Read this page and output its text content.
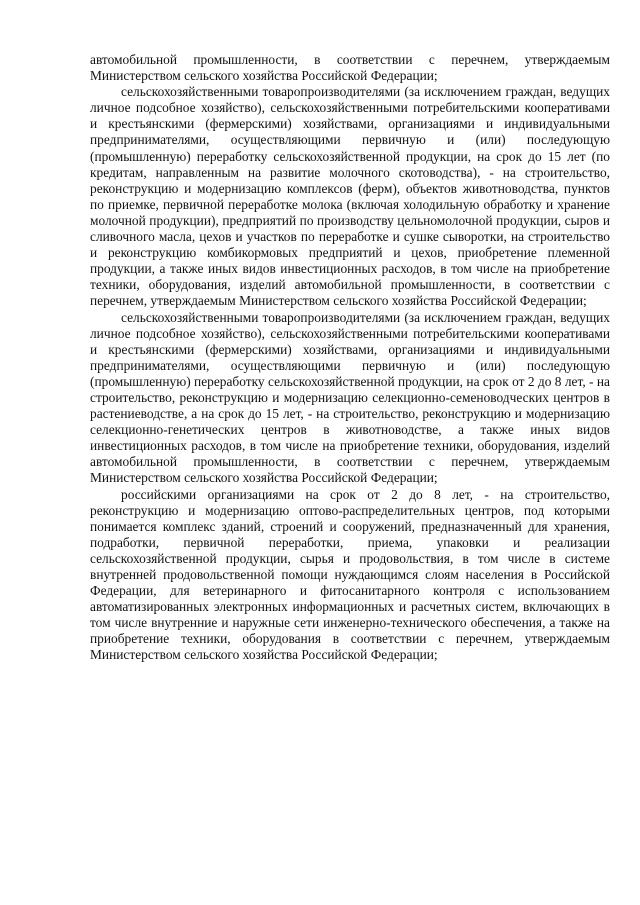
автомобильной промышленности, в соответствии с перечнем, утверждаемым Министерством сельского хозяйства Российской Федерации;

сельскохозяйственными товаропроизводителями (за исключением граждан, ведущих личное подсобное хозяйство), сельскохозяйственными потребительскими кооперативами и крестьянскими (фермерскими) хозяйствами, организациями и индивидуальными предпринимателями, осуществляющими первичную и (или) последующую (промышленную) переработку сельскохозяйственной продукции, на срок до 15 лет (по кредитам, направленным на развитие молочного скотоводства), - на строительство, реконструкцию и модернизацию комплексов (ферм), объектов животноводства, пунктов по приемке, первичной переработке молока (включая холодильную обработку и хранение молочной продукции), предприятий по производству цельномолочной продукции, сыров и сливочного масла, цехов и участков по переработке и сушке сыворотки, на строительство и реконструкцию комбикормовых предприятий и цехов, приобретение племенной продукции, а также иных видов инвестиционных расходов, в том числе на приобретение техники, оборудования, изделий автомобильной промышленности, в соответствии с перечнем, утверждаемым Министерством сельского хозяйства Российской Федерации;

сельскохозяйственными товаропроизводителями (за исключением граждан, ведущих личное подсобное хозяйство), сельскохозяйственными потребительскими кооперативами и крестьянскими (фермерскими) хозяйствами, организациями и индивидуальными предпринимателями, осуществляющими первичную и (или) последующую (промышленную) переработку сельскохозяйственной продукции, на срок от 2 до 8 лет, - на строительство, реконструкцию и модернизацию селекционно-семеноводческих центров в растениеводстве, а на срок до 15 лет, - на строительство, реконструкцию и модернизацию селекционно-генетических центров в животноводстве, а также иных видов инвестиционных расходов, в том числе на приобретение техники, оборудования, изделий автомобильной промышленности, в соответствии с перечнем, утверждаемым Министерством сельского хозяйства Российской Федерации;

российскими организациями на срок от 2 до 8 лет, - на строительство, реконструкцию и модернизацию оптово-распределительных центров, под которыми понимается комплекс зданий, строений и сооружений, предназначенный для хранения, подработки, первичной переработки, приема, упаковки и реализации сельскохозяйственной продукции, сырья и продовольствия, в том числе в системе внутренней продовольственной помощи нуждающимся слоям населения в Российской Федерации, для ветеринарного и фитосанитарного контроля с использованием автоматизированных электронных информационных и расчетных систем, включающих в том числе внутренние и наружные сети инженерно-технического обеспечения, а также на приобретение техники, оборудования в соответствии с перечнем, утверждаемым Министерством сельского хозяйства Российской Федерации;
